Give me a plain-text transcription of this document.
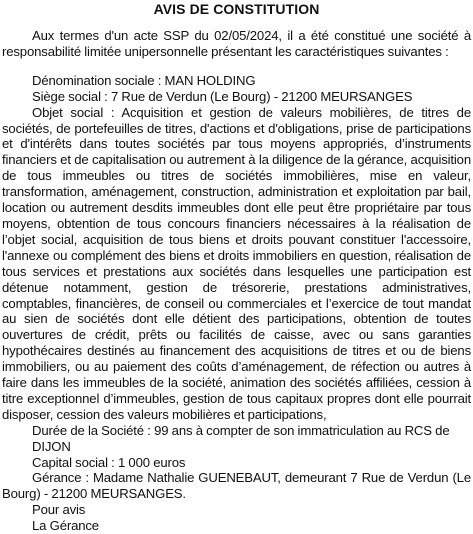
AVIS DE CONSTITUTION

Aux termes d'un acte SSP du 02/05/2024, il a été constitué une société à responsabilité limitée unipersonnelle présentant les caractéristiques suivantes :

Dénomination sociale : MAN HOLDING

Siège social : 7 Rue de Verdun (Le Bourg) - 21200 MEURSANGES

Objet social : Acquisition et gestion de valeurs mobilières, de titres de sociétés, de portefeuilles de titres, d'actions et d'obligations, prise de participations et d'intérêts dans toutes sociétés par tous moyens appropriés, d’instruments financiers et de capitalisation ou autrement à la diligence de la gérance, acquisition de tous immeubles ou titres de sociétés immobilières, mise en valeur, transformation, aménagement, construction, administration et exploitation par bail, location ou autrement desdits immeubles dont elle peut être propriétaire par tous moyens, obtention de tous concours financiers nécessaires à la réalisation de l’objet social, acquisition de tous biens et droits pouvant constituer l'accessoire, l'annexe ou complément des biens et droits immobiliers en question, réalisation de tous services et prestations aux sociétés dans lesquelles une participation est détenue notamment, gestion de trésorerie, prestations administratives, comptables, financières, de conseil ou commerciales et l’exercice de tout mandat au sien de sociétés dont elle détient des participations, obtention de toutes ouvertures de crédit, prêts ou facilités de caisse, avec ou sans garanties hypothécaires destinés au financement des acquisitions de titres et ou de biens immobiliers, ou au paiement des coûts d’aménagement, de réfection ou autres à faire dans les immeubles de la société, animation des sociétés affiliées, cession à titre exceptionnel d’immeubles, gestion de tous capitaux propres dont elle pourrait disposer, cession des valeurs mobilières et participations,

Durée de la Société : 99 ans à compter de son immatriculation au RCS de DIJON

Capital social : 1 000 euros

Gérance : Madame Nathalie GUENEBAUT, demeurant 7 Rue de Verdun (Le Bourg) - 21200 MEURSANGES.

Pour avis

La Gérance
